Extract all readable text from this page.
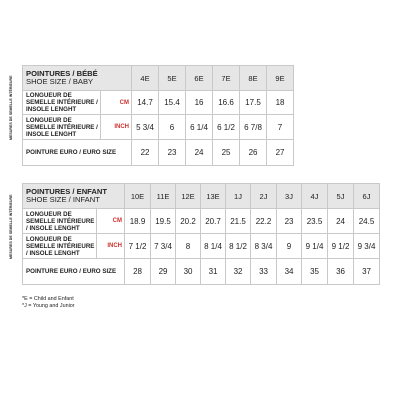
POINTURES / BÉBÉ
SHOE SIZE / BABY		4E	5E	6E	7E	8E	9E
LONGUEUR DE SEMELLE INTÉRIEURE / INSOLE LENGHT	CM	14.7	15.4	16	16.6	17.5	18
LONGUEUR DE SEMELLE INTÉRIEURE / INSOLE LENGHT	INCH	5 3/4	6	6 1/4	6 1/2	6 7/8	7
POINTURE EURO / EURO SIZE		22	23	24	25	26	27
MESURES DE SEMELLE INTÉRIEURE
POINTURES / ENFANT
SHOE SIZE / INFANT		10E	11E	12E	13E	1J	2J	3J	4J	5J	6J
LONGUEUR DE SEMELLE INTÉRIEURE / INSOLE LENGHT	CM	18.9	19.5	20.2	20.7	21.5	22.2	23	23.5	24	24.5
LONGUEUR DE SEMELLE INTÉRIEURE / INSOLE LENGHT	INCH	7 1/2	7 3/4	8	8 1/4	8 1/2	8 3/4	9	9 1/4	9 1/2	9 3/4
POINTURE EURO / EURO SIZE		28	29	30	31	32	33	34	35	36	37
MESURES DE SEMELLE INTÉRIEURE
*E = Child and Enfant
*J = Young and Junior
